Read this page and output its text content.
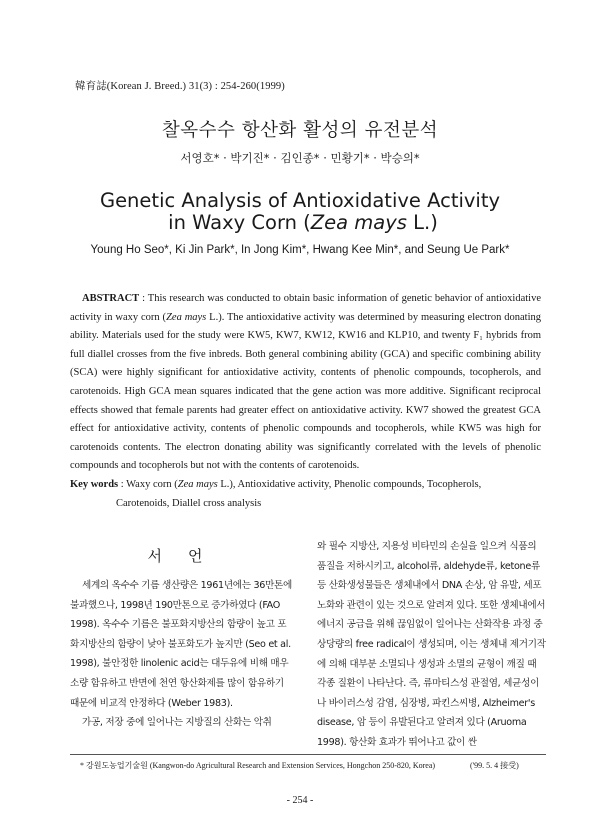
韓育誌(Korean J. Breed.) 31(3) : 254-260(1999)
찰옥수수 항산화 활성의 유전분석
서영호* · 박기진* · 김인종* · 민황기* · 박승의*
Genetic Analysis of Antioxidative Activity
in Waxy Corn (Zea mays L.)
Young Ho Seo*, Ki Jin Park*, In Jong Kim*, Hwang Kee Min*, and Seung Ue Park*
ABSTRACT : This research was conducted to obtain basic information of genetic behavior of antioxidative activity in waxy corn (Zea mays L.). The antioxidative activity was determined by measuring electron donating ability. Materials used for the study were KW5, KW7, KW12, KW16 and KLP10, and twenty F₁ hybrids from full diallel crosses from the five inbreds. Both general combining ability (GCA) and specific combining ability (SCA) were highly significant for antioxidative activity, contents of phenolic compounds, tocopherols, and carotenoids. High GCA mean squares indicated that the gene action was more additive. Significant reciprocal effects showed that female parents had greater effect on antioxidative activity. KW7 showed the greatest GCA effect for antioxidative activity, contents of phenolic compounds and tocopherols, while KW5 was high for carotenoids contents. The electron donating ability was significantly correlated with the levels of phenolic compounds and tocopherols but not with the contents of carotenoids.
Key words : Waxy corn (Zea mays L.), Antioxidative activity, Phenolic compounds, Tocopherols,
Carotenoids, Diallel cross analysis
서언

세계의 옥수수 기름 생산량은 1961년에는 36만톤에 불과했으나, 1998년 190만톤으로 증가하였다 (FAO 1998). 옥수수 기름은 불포화지방산의 함량이 높고 포화지방산의 함량이 낮아 불포화도가 높지만 (Seo et al. 1998), 불안정한 linolenic acid는 대두유에 비해 매우 소량 함유하고 반면에 천연 항산화제를 많이 함유하기 때문에 비교적 안정하다 (Weber 1983).

가공, 저장 중에 일어나는 지방질의 산화는 악취

와 필수 지방산, 지용성 비타민의 손실을 일으켜 식품의 품질을 저하시키고, alcohol류, aldehyde류, ketone류 등 산화생성물들은 생체내에서 DNA 손상, 암 유발, 세포 노화와 관련이 있는 것으로 알려져 있다. 또한 생체내에서 에너지 공급을 위해 끊임없이 일어나는 산화작용 과정 중 상당량의 free radical이 생성되며, 이는 생체내 제거기작에 의해 대부분 소멸되나 생성과 소멸의 균형이 깨질 때 각종 질환이 나타난다. 즉, 류마티스성 관절염, 세균성이나 바이러스성 감염, 심장병, 파킨스씨병, Alzheimer's disease, 암 등이 유발된다고 알려져 있다 (Aruoma 1998). 항산화 효과가 뛰어나고 값이 싼

* 강원도농업기술원 (Kangwon-do Agricultural Research and Extension Services, Hongchon 250-820, Korea)	('99. 5. 4 接受)
- 254 -
